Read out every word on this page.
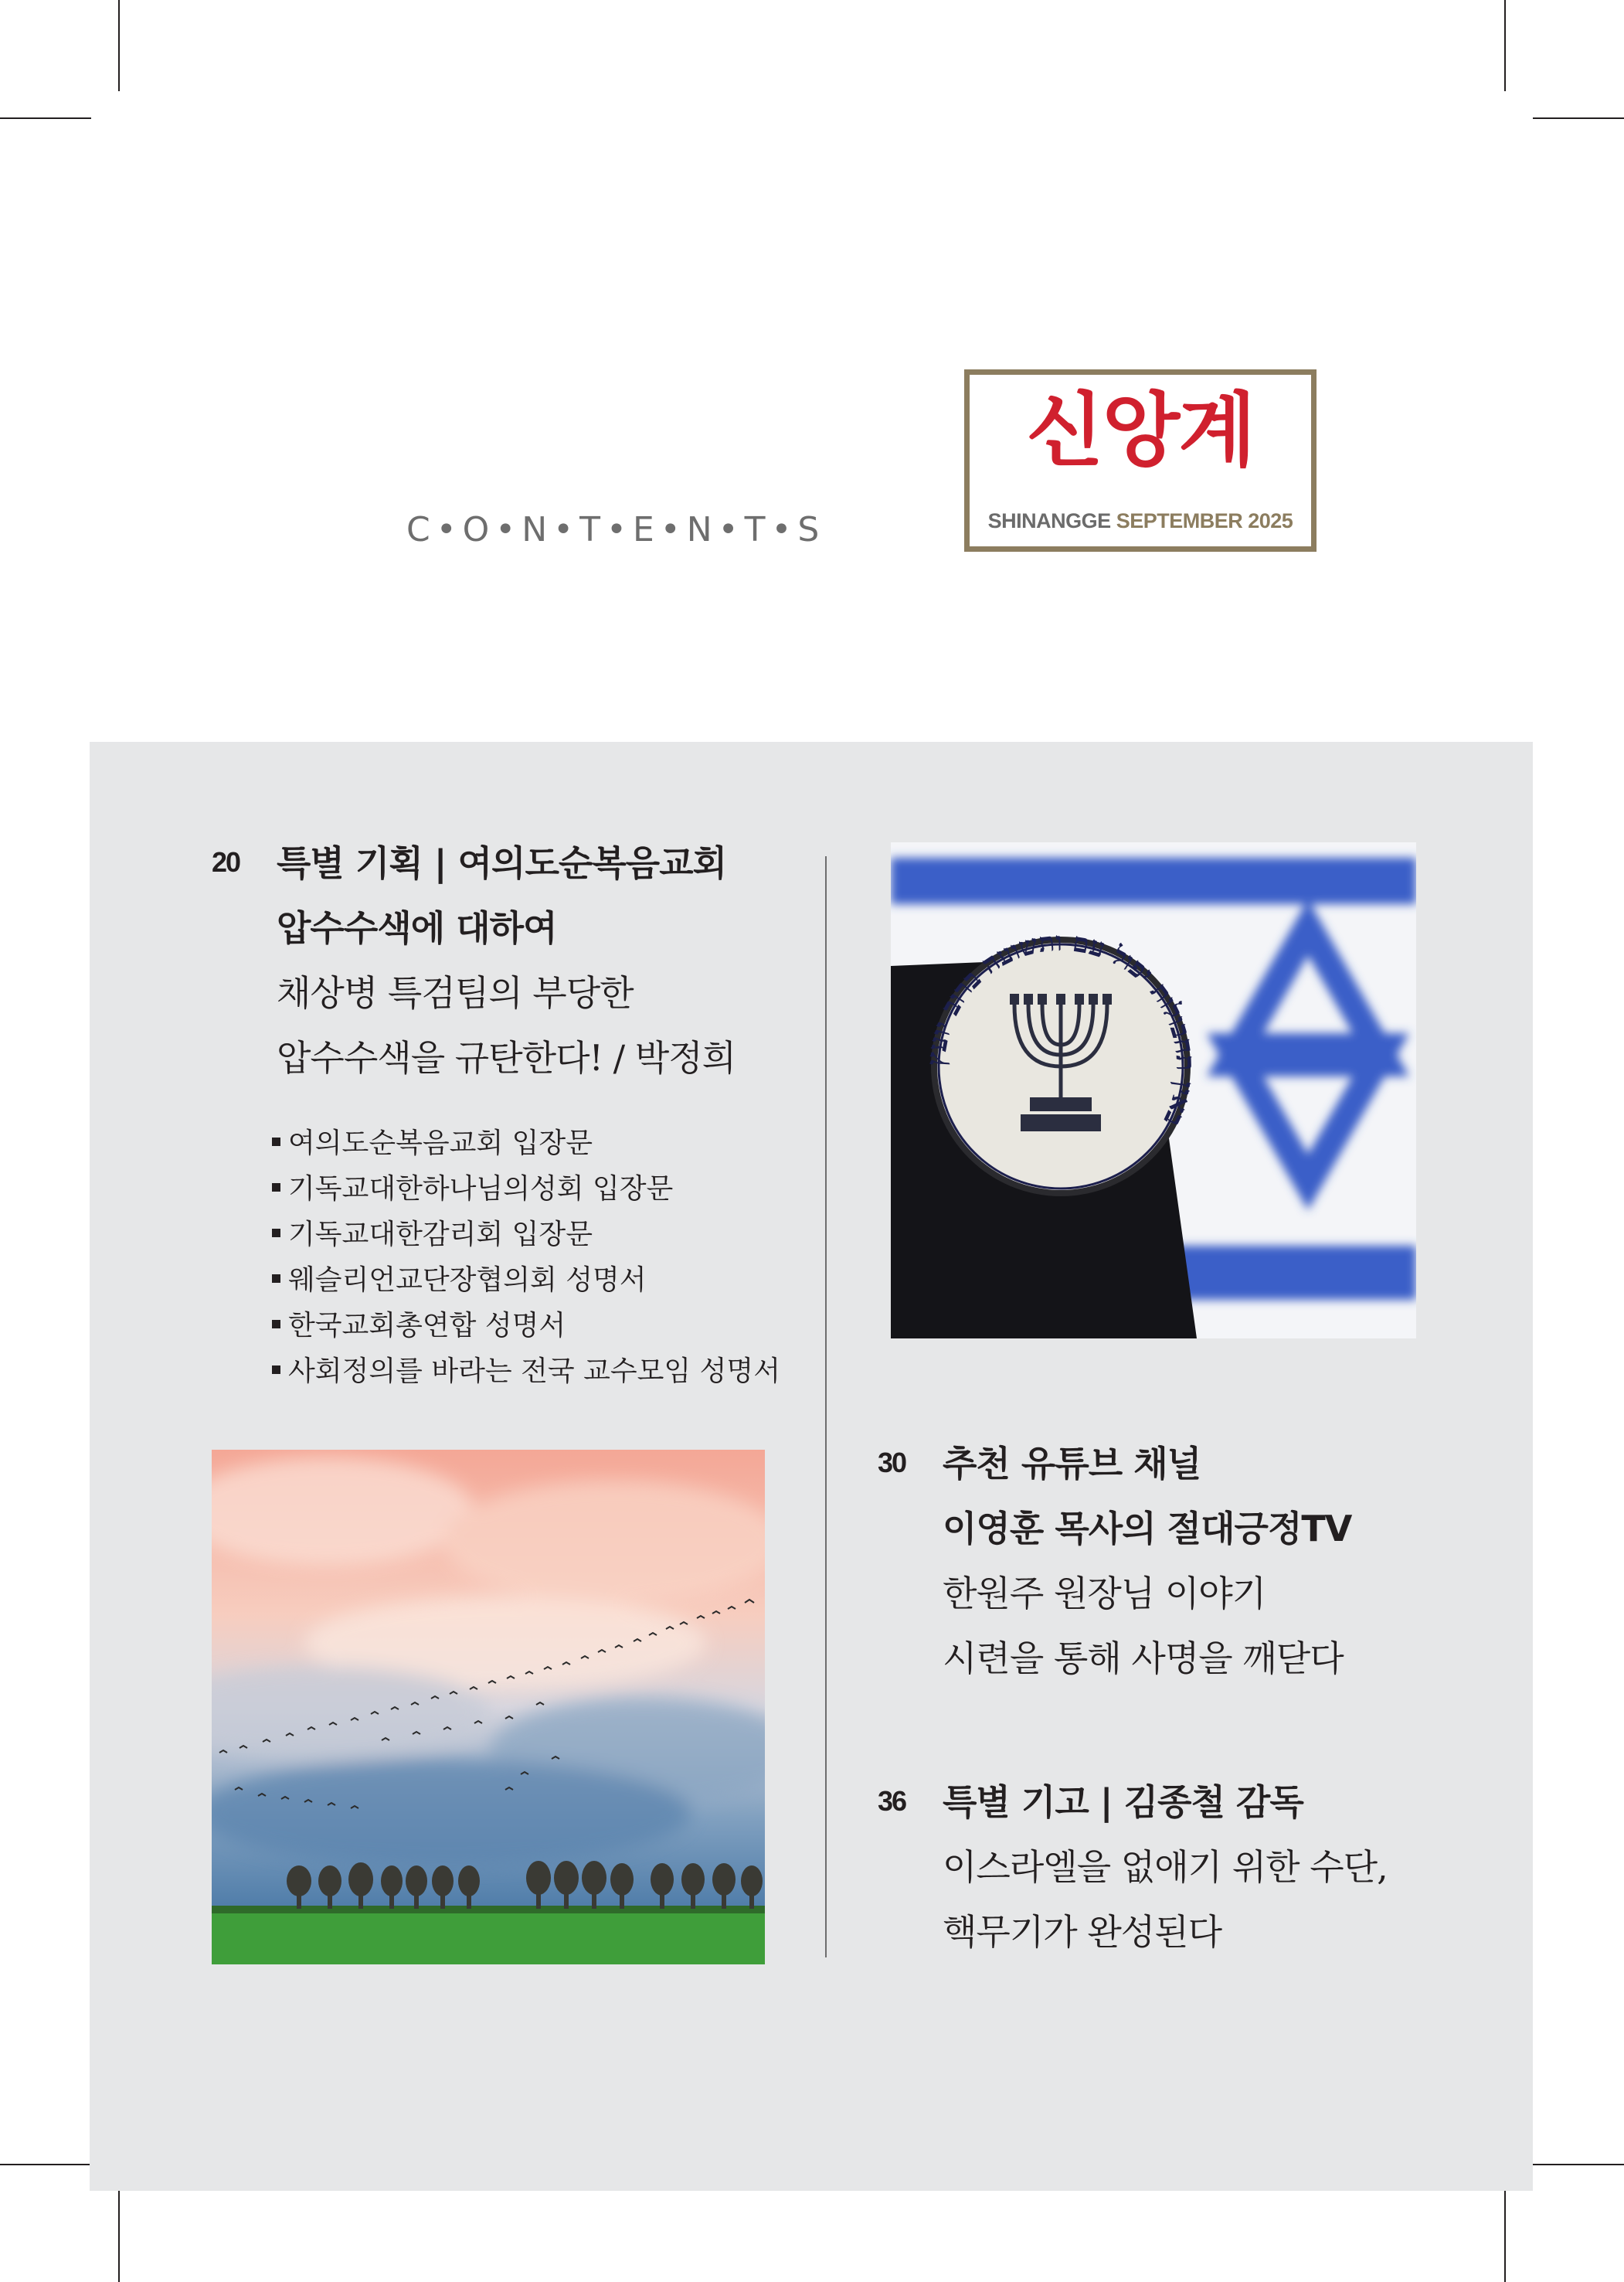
C•O•N•T•E•N•T•S
신앙계
SHINANGGE SEPTEMBER 2025
20 특별 기획 | 여의도순복음교회
압수수색에 대하여
채상병 특검팀의 부당한
압수수색을 규탄한다! / 박정희
여의도순복음교회 입장문
기독교대한하나님의성회 입장문
기독교대한감리회 입장문
웨슬리언교단장협의회 성명서
한국교회총연합 성명서
사회정의를 바라는 전국 교수모임 성명서
30 추천 유튜브 채널
이영훈 목사의 절대긍정TV
한원주 원장님 이야기
시련을 통해 사명을 깨닫다
36 특별 기고 | 김종철 감독
이스라엘을 없애기 위한 수단,
핵무기가 완성된다
באין תחבולות יפול עם ותשועה ברוב יועץ
